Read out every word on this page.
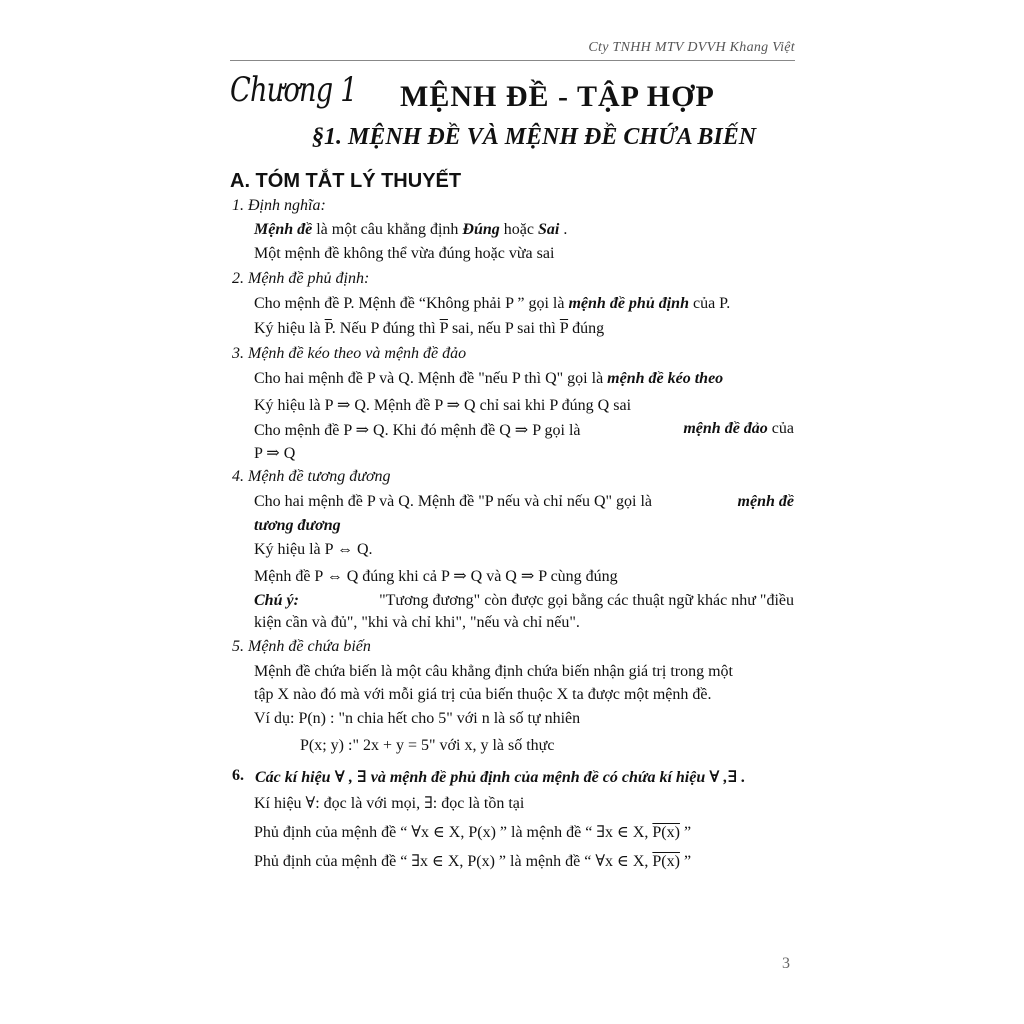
Cty TNHH MTV DVVH Khang Việt
Chương 1 MỆNH ĐỀ - TẬP HỢP
§1. MỆNH ĐỀ VÀ MỆNH ĐỀ CHỨA BIẾN
A. TÓM TẮT LÝ THUYẾT
1. Định nghĩa:
Mệnh đề là một câu khẳng định Đúng hoặc Sai .
Một mệnh đề không thể vừa đúng hoặc vừa sai
2. Mệnh đề phủ định:
Cho mệnh đề P. Mệnh đề “Không phải P ” gọi là mệnh đề phủ định của P.
Ký hiệu là $\overline{P}$. Nếu P đúng thì $\overline{P}$ sai, nếu P sai thì $\overline{P}$ đúng
3. Mệnh đề kéo theo và mệnh đề đảo
Cho hai mệnh đề P và Q. Mệnh đề "nếu P thì Q" gọi là mệnh đề kéo theo
Ký hiệu là P ⇒ Q. Mệnh đề P ⇒ Q chỉ sai khi P đúng Q sai
Cho mệnh đề P ⇒ Q. Khi đó mệnh đề Q ⇒ P gọi là	mệnh đề đảo của
P ⇒ Q
4. Mệnh đề tương đương
Cho hai mệnh đề P và Q. Mệnh đề "P nếu và chỉ nếu Q" gọi là	mệnh đề
tương đương
Ký hiệu là P ⇔ Q.
Mệnh đề P ⇔ Q đúng khi cả P ⇒ Q và Q ⇒ P cùng đúng
Chú ý:	"Tương đương" còn được gọi bằng các thuật ngữ khác như "điều
kiện cần và đủ", "khi và chỉ khi", "nếu và chỉ nếu".
5. Mệnh đề chứa biến
Mệnh đề chứa biến là một câu khẳng định chứa biến nhận giá trị trong một
tập X nào đó mà với mỗi giá trị của biến thuộc X ta được một mệnh đề.
Ví dụ: P(n) : "n chia hết cho 5" với n là số tự nhiên
P(x; y) :" 2x + y = 5" với x, y là số thực
6. Các kí hiệu ∀ , ∃ và mệnh đề phủ định của mệnh đề có chứa kí hiệu ∀ ,∃ .
Kí hiệu ∀: đọc là với mọi, ∃: đọc là tồn tại
Phủ định của mệnh đề “ ∀x ∈ X, P(x) ” là mệnh đề “ ∃x ∈ X, P(x) ”
Phủ định của mệnh đề “ ∃x ∈ X, P(x) ” là mệnh đề “ ∀x ∈ X, P(x) ”
3
